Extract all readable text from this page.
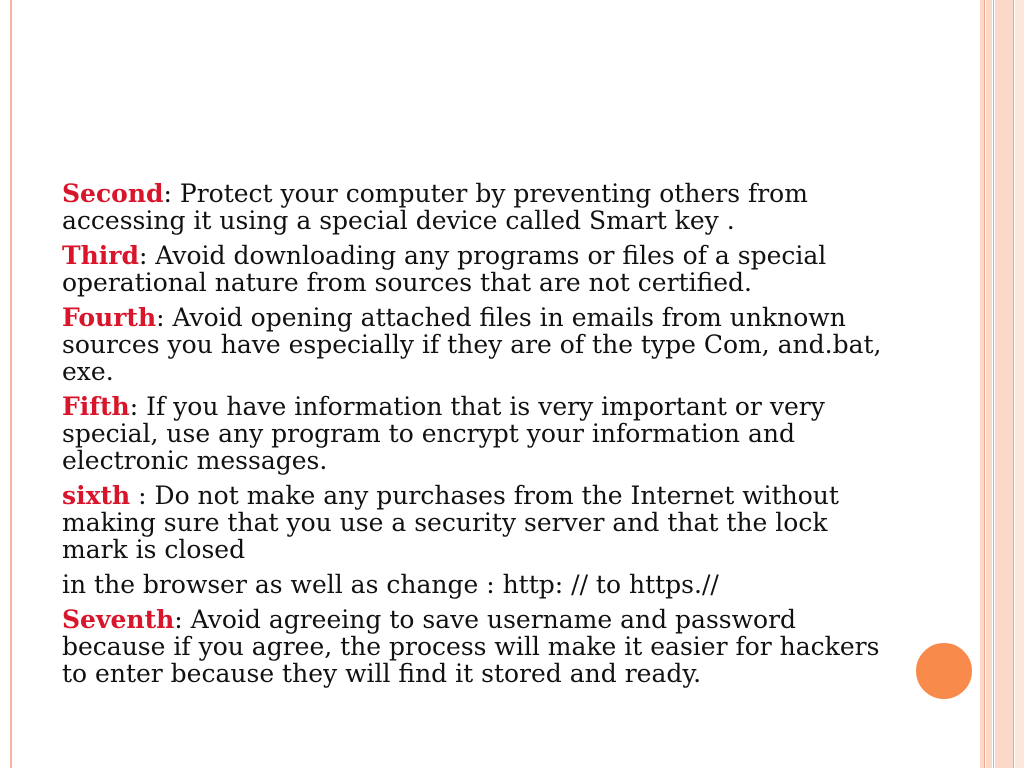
Second: Protect your computer by preventing others from accessing it using a special device called Smart key .

Third: Avoid downloading any programs or files of a special operational nature from sources that are not certified.

Fourth: Avoid opening attached files in emails from unknown sources you have especially if they are of the type Com, and.bat, exe.

Fifth: If you have information that is very important or very special, use any program to encrypt your information and electronic messages.

sixth : Do not make any purchases from the Internet without making sure that you use a security server and that the lock mark is closed

in the browser as well as change : http: // to https.//

Seventh: Avoid agreeing to save username and password because if you agree, the process will make it easier for hackers to enter because they will find it stored and ready.
